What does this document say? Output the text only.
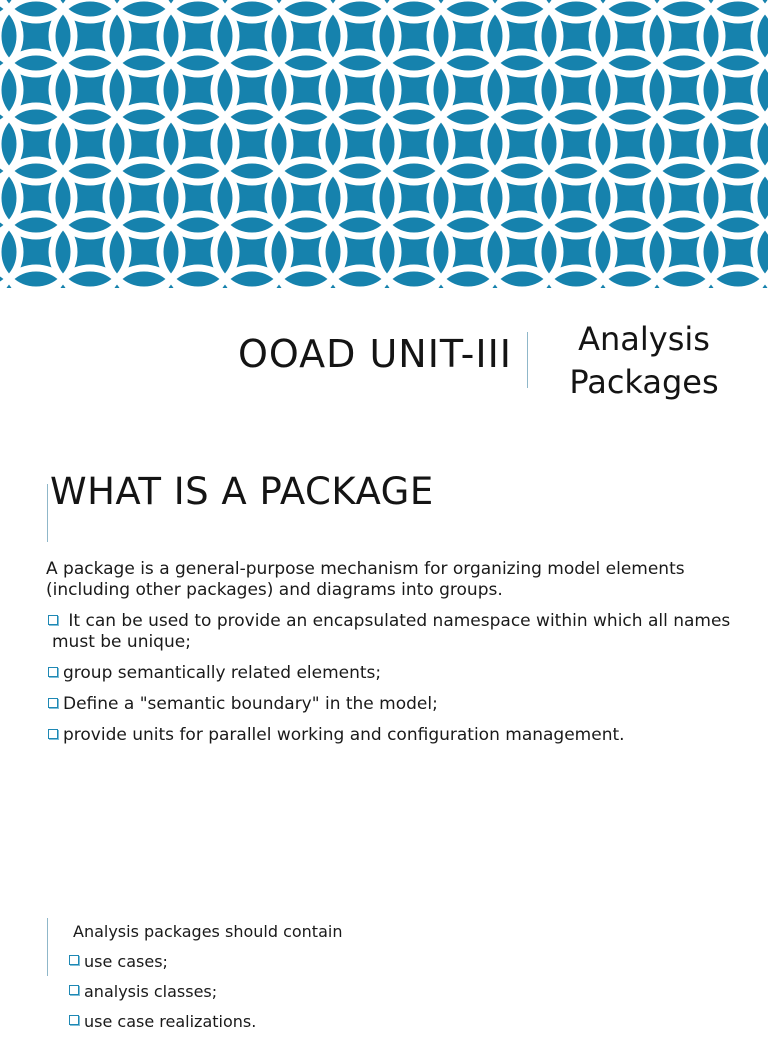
OOAD UNIT-III	Analysis
Packages
WHAT IS A PACKAGE

A package is a general-purpose mechanism for organizing model elements (including other packages) and diagrams into groups.

It can be used to provide an encapsulated namespace within which all names must be unique;

group semantically related elements;

Define a "semantic boundary" in the model;

provide units for parallel working and configuration management.

Analysis packages should contain

use cases;

analysis classes;

use case realizations.
